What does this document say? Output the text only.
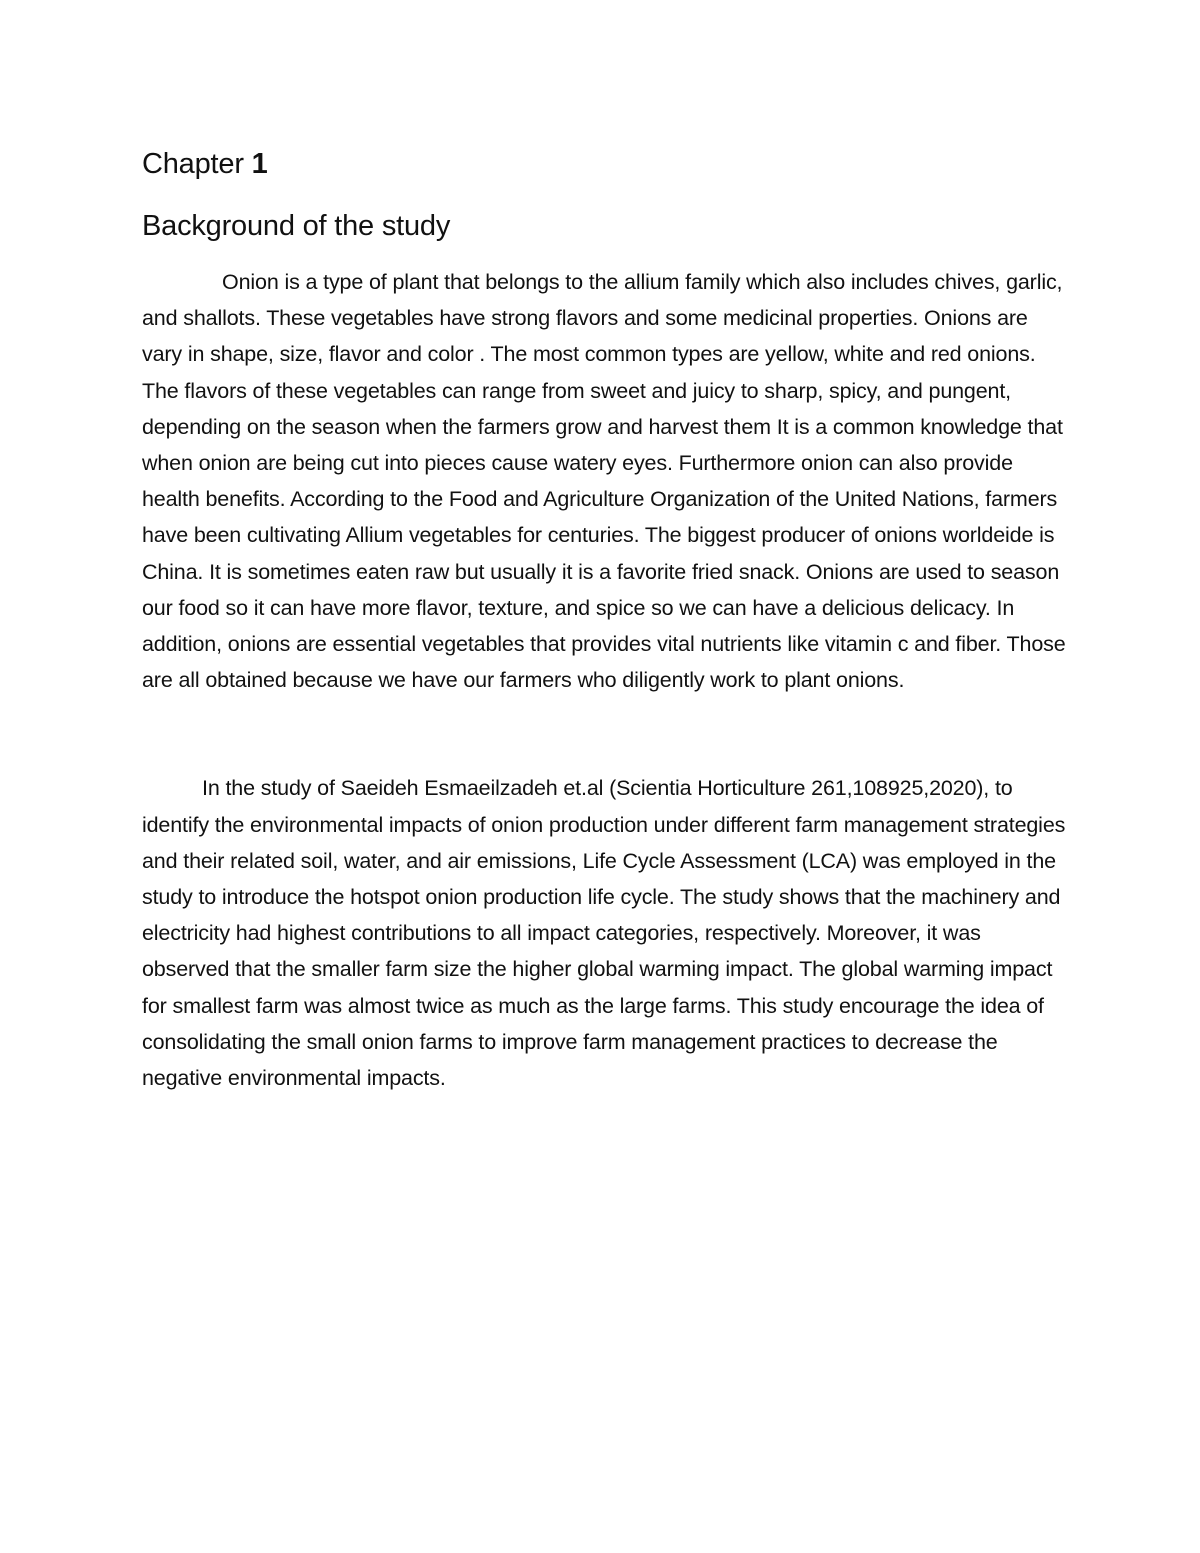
Chapter 1
Background of the study

Onion is a type of plant that belongs to the allium family which also includes chives, garlic, and shallots. These vegetables have strong flavors and some medicinal properties. Onions are vary in shape, size, flavor and color . The most common types are yellow, white and red onions. The flavors of these vegetables can range from sweet and juicy to sharp, spicy, and pungent, depending on the season when the farmers grow and harvest them It is a common knowledge that when onion are being cut into pieces cause watery eyes. Furthermore onion can also provide health benefits. According to the Food and Agriculture Organization of the United Nations, farmers have been cultivating Allium vegetables for centuries. The biggest producer of onions worldeide is China. It is sometimes eaten raw but usually it is a favorite fried snack. Onions are used to season our food so it can have more flavor, texture, and spice so we can have a delicious delicacy. In addition, onions are essential vegetables that provides vital nutrients like vitamin c and fiber. Those are all obtained because we have our farmers who diligently work to plant onions.

In the study of Saeideh Esmaeilzadeh et.al (Scientia Horticulture 261,108925,2020), to identify the environmental impacts of onion production under different farm management strategies and their related soil, water, and air emissions, Life Cycle Assessment (LCA) was employed in the study to introduce the hotspot onion production life cycle. The study shows that the machinery and electricity had highest contributions to all impact categories, respectively. Moreover, it was observed that the smaller farm size the higher global warming impact. The global warming impact for smallest farm was almost twice as much as the large farms. This study encourage the idea of consolidating the small onion farms to improve farm management practices to decrease the negative environmental impacts.
